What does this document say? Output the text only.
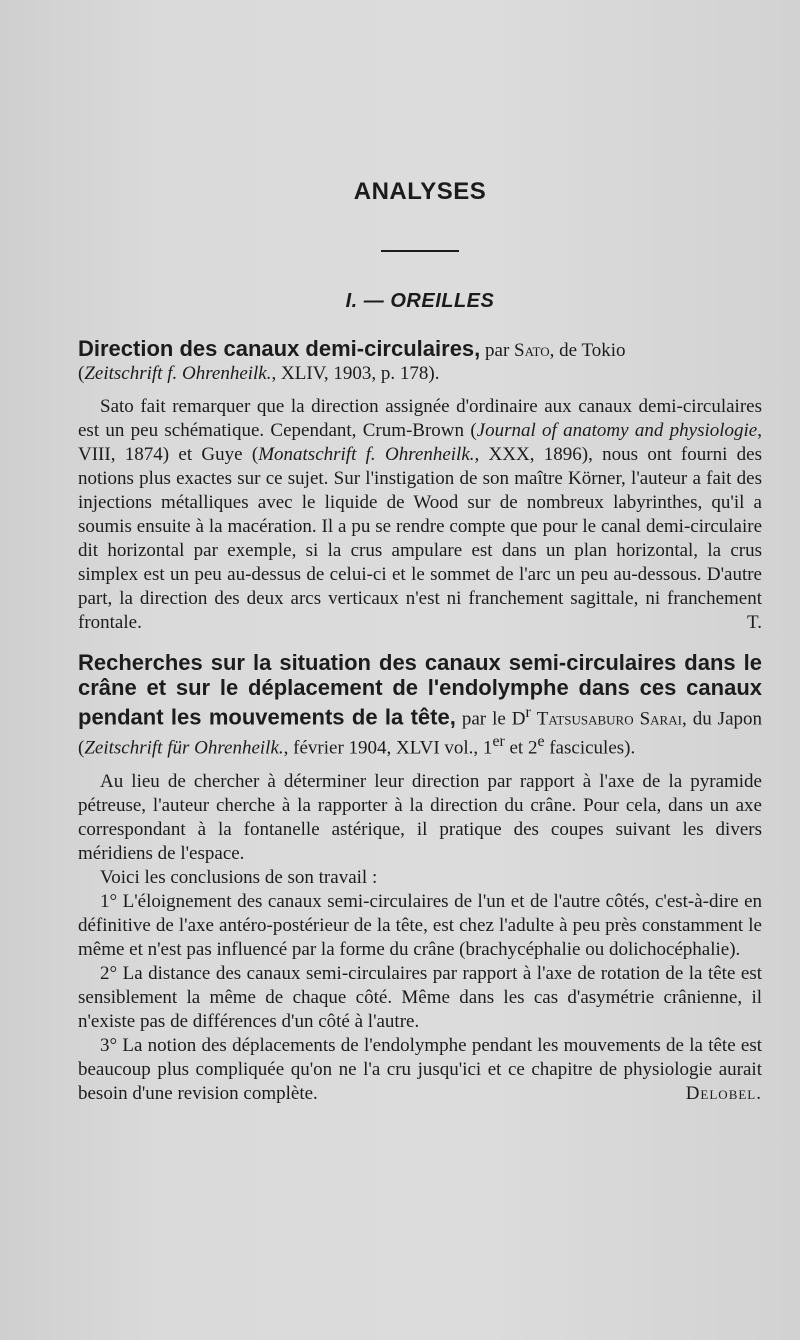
ANALYSES
I. — OREILLES

Direction des canaux demi-circulaires, par Sato, de Tokio
(Zeitschrift f. Ohrenheilk., XLIV, 1903, p. 178).

Sato fait remarquer que la direction assignée d'ordinaire aux canaux demi-circulaires est un peu schématique. Cependant, Crum-Brown (Journal of anatomy and physiologie, VIII, 1874) et Guye (Monatschrift f. Ohrenheilk., XXX, 1896), nous ont fourni des notions plus exactes sur ce sujet. Sur l'instigation de son maître Körner, l'auteur a fait des injections métalliques avec le liquide de Wood sur de nombreux labyrinthes, qu'il a soumis ensuite à la macération. Il a pu se rendre compte que pour le canal demi-circulaire dit horizontal par exemple, si la crus ampulare est dans un plan horizontal, la crus simplex est un peu au-dessus de celui-ci et le sommet de l'arc un peu au-dessous. D'autre part, la direction des deux arcs verticaux n'est ni franchement sagittale, ni franchement frontale.	T.

Recherches sur la situation des canaux semi-circulaires dans le crâne et sur le déplacement de l'endolymphe dans ces canaux pendant les mouvements de la tête, par le $D^r$ Tatsusaburo Sarai, du Japon (Zeitschrift für Ohrenheilk., février 1904, XLVI vol., 1er et 2e fascicules).

Au lieu de chercher à déterminer leur direction par rapport à l'axe de la pyramide pétreuse, l'auteur cherche à la rapporter à la direction du crâne. Pour cela, dans un axe correspondant à la fontanelle astérique, il pratique des coupes suivant les divers méridiens de l'espace.

Voici les conclusions de son travail :

1° L'éloignement des canaux semi-circulaires de l'un et de l'autre côtés, c'est-à-dire en définitive de l'axe antéro-postérieur de la tête, est chez l'adulte à peu près constamment le même et n'est pas influencé par la forme du crâne (brachycéphalie ou dolichocéphalie).

2° La distance des canaux semi-circulaires par rapport à l'axe de rotation de la tête est sensiblement la même de chaque côté. Même dans les cas d'asymétrie crânienne, il n'existe pas de différences d'un côté à l'autre.

3° La notion des déplacements de l'endolymphe pendant les mouvements de la tête est beaucoup plus compliquée qu'on ne l'a cru jusqu'ici et ce chapitre de physiologie aurait besoin d'une revision complète.	Delobel.
